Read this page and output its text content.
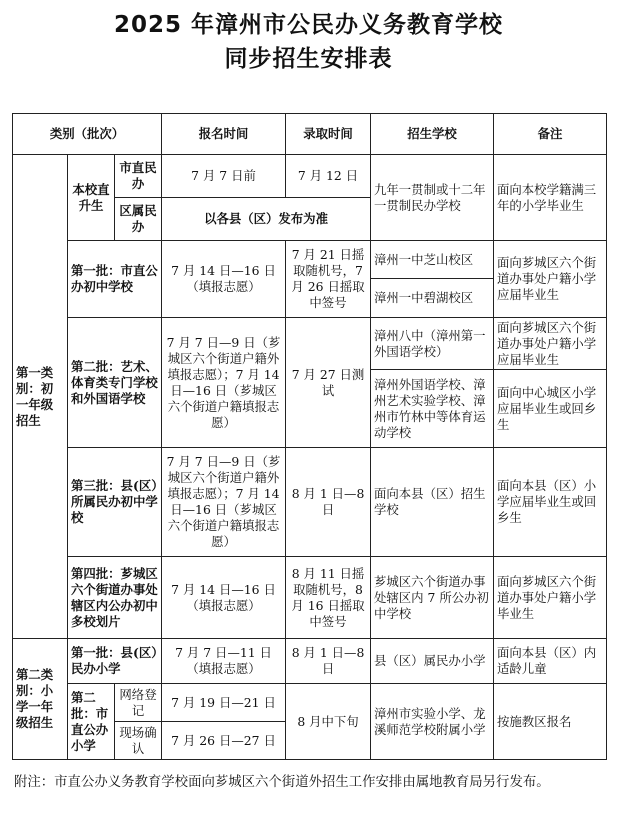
2025 年漳州市公民办义务教育学校
同步招生安排表
类别（批次）			报名时间	录取时间	招生学校	备注
第一类别：初一年级招生	本校直升生	市直民办	7 月 7 日前	7 月 12 日	九年一贯制或十二年一贯制民办学校	面向本校学籍满三年的小学毕业生
		区属民办	以各县（区）发布为准			
	第一批：市直公办初中学校		7 月 14 日—16 日（填报志愿）	7 月 21 日摇取随机号，7 月 26 日摇取中签号	漳州一中芝山校区	面向芗城区六个街道办事处户籍小学应届毕业生
					漳州一中碧湖校区	
	第二批：艺术、体育类专门学校和外国语学校		7 月 7 日—9 日（芗城区六个街道户籍外填报志愿）；7 月 14 日—16 日（芗城区六个街道户籍填报志愿）	7 月 27 日测试	漳州八中（漳州第一外国语学校）	面向芗城区六个街道办事处户籍小学应届毕业生
					漳州外国语学校、漳州艺术实验学校、漳州市竹林中等体育运动学校	面向中心城区小学应届毕业生或回乡生
	第三批：县(区）所属民办初中学校		7 月 7 日—9 日（芗城区六个街道户籍外填报志愿）；7 月 14 日—16 日（芗城区六个街道户籍填报志愿）	8 月 1 日—8 日	面向本县（区）招生学校	面向本县（区）小学应届毕业生或回乡生
	第四批：芗城区六个街道办事处辖区内公办初中多校划片		7 月 14 日—16 日（填报志愿）	8 月 11 日摇取随机号，8 月 16 日摇取中签号	芗城区六个街道办事处辖区内 7 所公办初中学校	面向芗城区六个街道办事处户籍小学毕业生

第二类别：小学一年级招生	第一批：县(区）民办小学		7 月 7 日—11 日（填报志愿）	8 月 1 日—8 日	县（区）属民办小学	面向本县（区）内适龄儿童
	第二批：市直公办小学	网络登记	7 月 19 日—21 日	8 月中下旬	漳州市实验小学、龙溪师范学校附属小学	按施教区报名
		现场确认	7 月 26 日—27 日			
附注：市直公办义务教育学校面向芗城区六个街道外招生工作安排由属地教育局另行发布。
